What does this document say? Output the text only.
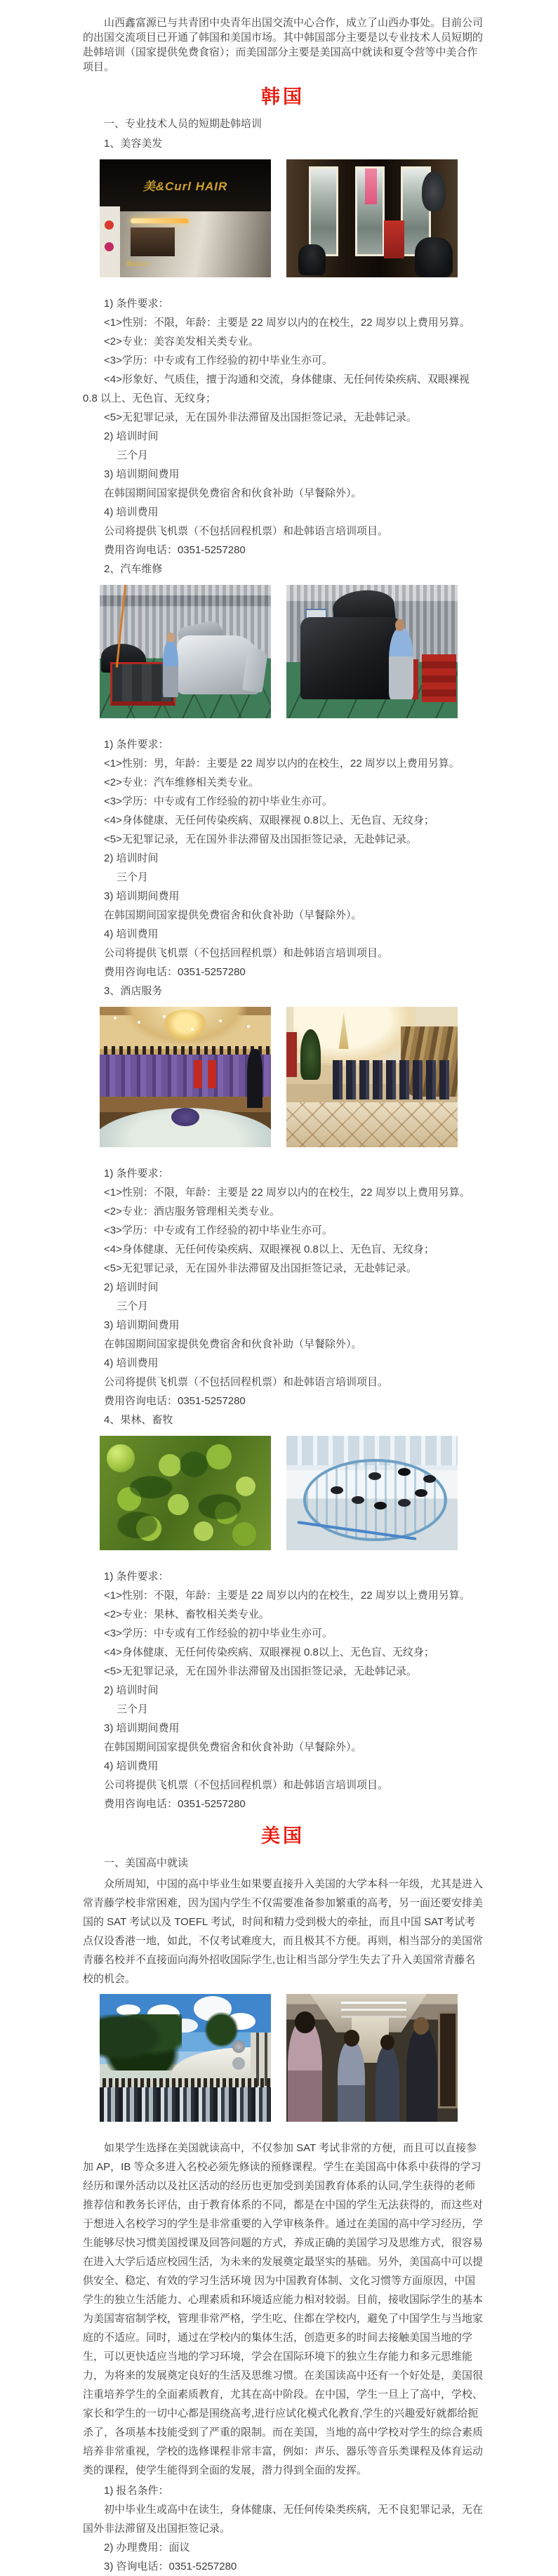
山西鑫富源已与共青团中央青年出国交流中心合作，成立了山西办事处。目前公司的出国交流项目已开通了韩国和美国市场。其中韩国部分主要是以专业技术人员短期的赴韩培训（国家提供免费食宿）；而美国部分主要是美国高中就读和夏令营等中美合作项目。

韩国
一、专业技术人员的短期赴韩培训
1、美容美发
美&Curl HAIR
美&Curl
1) 条件要求：
<1>性别：不限，年龄：主要是 22 周岁以内的在校生，22 周岁以上费用另算。
<2>专业：美容美发相关类专业。
<3>学历：中专或有工作经验的初中毕业生亦可。
<4>形象好、气质佳，擅于沟通和交流，身体健康、无任何传染疾病、双眼裸视 0.8 以上、无色盲、无纹身；
<5>无犯罪记录，无在国外非法滞留及出国拒签记录，无赴韩记录。
2) 培训时间
三个月
3) 培训期间费用
在韩国期间国家提供免费宿舍和伙食补助（早餐除外）。
4) 培训费用
公司将提供飞机票（不包括回程机票）和赴韩语言培训项目。
费用咨询电话：0351-5257280
2、汽车维修
1) 条件要求：
<1>性别：男，年龄：主要是 22 周岁以内的在校生，22 周岁以上费用另算。
<2>专业：汽车维修相关类专业。
<3>学历：中专或有工作经验的初中毕业生亦可。
<4>身体健康、无任何传染疾病、双眼裸视 0.8以上、无色盲、无纹身；
<5>无犯罪记录，无在国外非法滞留及出国拒签记录，无赴韩记录。
2) 培训时间
三个月
3) 培训期间费用
在韩国期间国家提供免费宿舍和伙食补助（早餐除外）。
4) 培训费用
公司将提供飞机票（不包括回程机票）和赴韩语言培训项目。
费用咨询电话：0351-5257280
3、酒店服务
1) 条件要求：
<1>性别：不限，年龄：主要是 22 周岁以内的在校生，22 周岁以上费用另算。
<2>专业：酒店服务管理相关类专业。
<3>学历：中专或有工作经验的初中毕业生亦可。
<4>身体健康、无任何传染疾病、双眼裸视 0.8以上、无色盲、无纹身；
<5>无犯罪记录，无在国外非法滞留及出国拒签记录，无赴韩记录。
2) 培训时间
三个月
3) 培训期间费用
在韩国期间国家提供免费宿舍和伙食补助（早餐除外）。
4) 培训费用
公司将提供飞机票（不包括回程机票）和赴韩语言培训项目。
费用咨询电话：0351-5257280
4、果林、畜牧
1) 条件要求：
<1>性别：不限，年龄：主要是 22 周岁以内的在校生，22 周岁以上费用另算。
<2>专业：果林、畜牧相关类专业。
<3>学历：中专或有工作经验的初中毕业生亦可。
<4>身体健康、无任何传染疾病、双眼裸视 0.8以上、无色盲、无纹身；
<5>无犯罪记录，无在国外非法滞留及出国拒签记录，无赴韩记录。
2) 培训时间
三个月
3) 培训期间费用
在韩国期间国家提供免费宿舍和伙食补助（早餐除外）。
4) 培训费用
公司将提供飞机票（不包括回程机票）和赴韩语言培训项目。
费用咨询电话：0351-5257280
美国
一、美国高中就读

众所周知，中国的高中毕业生如果要直接升入美国的大学本科一年级，尤其是进入常青藤学校非常困难，因为国内学生不仅需要准备参加繁重的高考，另一面还要安排美国的 SAT 考试以及 TOEFL 考试，时间和精力受到极大的牵扯，而且中国 SAT考试考点仅设香港一地，如此，不仅考试难度大，而且极其不方便。再则，相当部分的美国常青藤名校并不直接面向海外招收国际学生,也让相当部分学生失去了升入美国常青藤名校的机会。

如果学生选择在美国就读高中，不仅参加 SAT 考试非常的方便，而且可以直接参加 AP，IB 等众多进入名校必须先修读的预修课程。学生在美国高中体系中获得的学习经历和课外活动以及社区活动的经历也更加受到美国教育体系的认同,学生获得的老师推荐信和教务长评估，由于教育体系的不同，都是在中国的学生无法获得的，而这些对于想进入名校学习的学生是非常重要的入学审核条件。通过在美国的高中学习经历，学生能够尽快习惯美国授课及回答问题的方式，养成正确的美国学习及思维方式，很容易在进入大学后适应校园生活，为未来的发展奠定最坚实的基础。另外，美国高中可以提供安全、稳定、有效的学习生活环境 因为中国教育体制、文化习惯等方面原因，中国学生的独立生活能力、心理素质和环境适应能力相对较弱。目前，接收国际学生的基本为美国寄宿制学校，管理非常严格，学生吃、住都在学校内，避免了中国学生与当地家庭的不适应。同时，通过在学校内的集体生活，创造更多的时间去接触美国当地的学生，可以更快适应当地的学习环境，学会在国际环境下的独立生存能力和多元思维能力，为将来的发展奠定良好的生活及思维习惯。在美国读高中还有一个好处是，美国很注重培养学生的全面素质教育，尤其在高中阶段。在中国，学生一旦上了高中，学校、家长和学生的一切中心都是围绕高考,进行应试化模式化教育,学生的兴趣爱好就都给扼杀了，各项基本技能受到了严重的限制。而在美国，当地的高中学校对学生的综合素质培养非常重视，学校的选修课程非常丰富，例如：声乐、器乐等音乐类课程及体育运动类的课程，使学生能得到全面的发展，潜力得到全面的发挥。

1) 报名条件：
初中毕业生或高中在读生，身体健康、无任何传染类疾病，无不良犯罪记录，无在国外非法滞留及出国拒签记录。
2) 办理费用：面议
3) 咨询电话：0351-5257280
